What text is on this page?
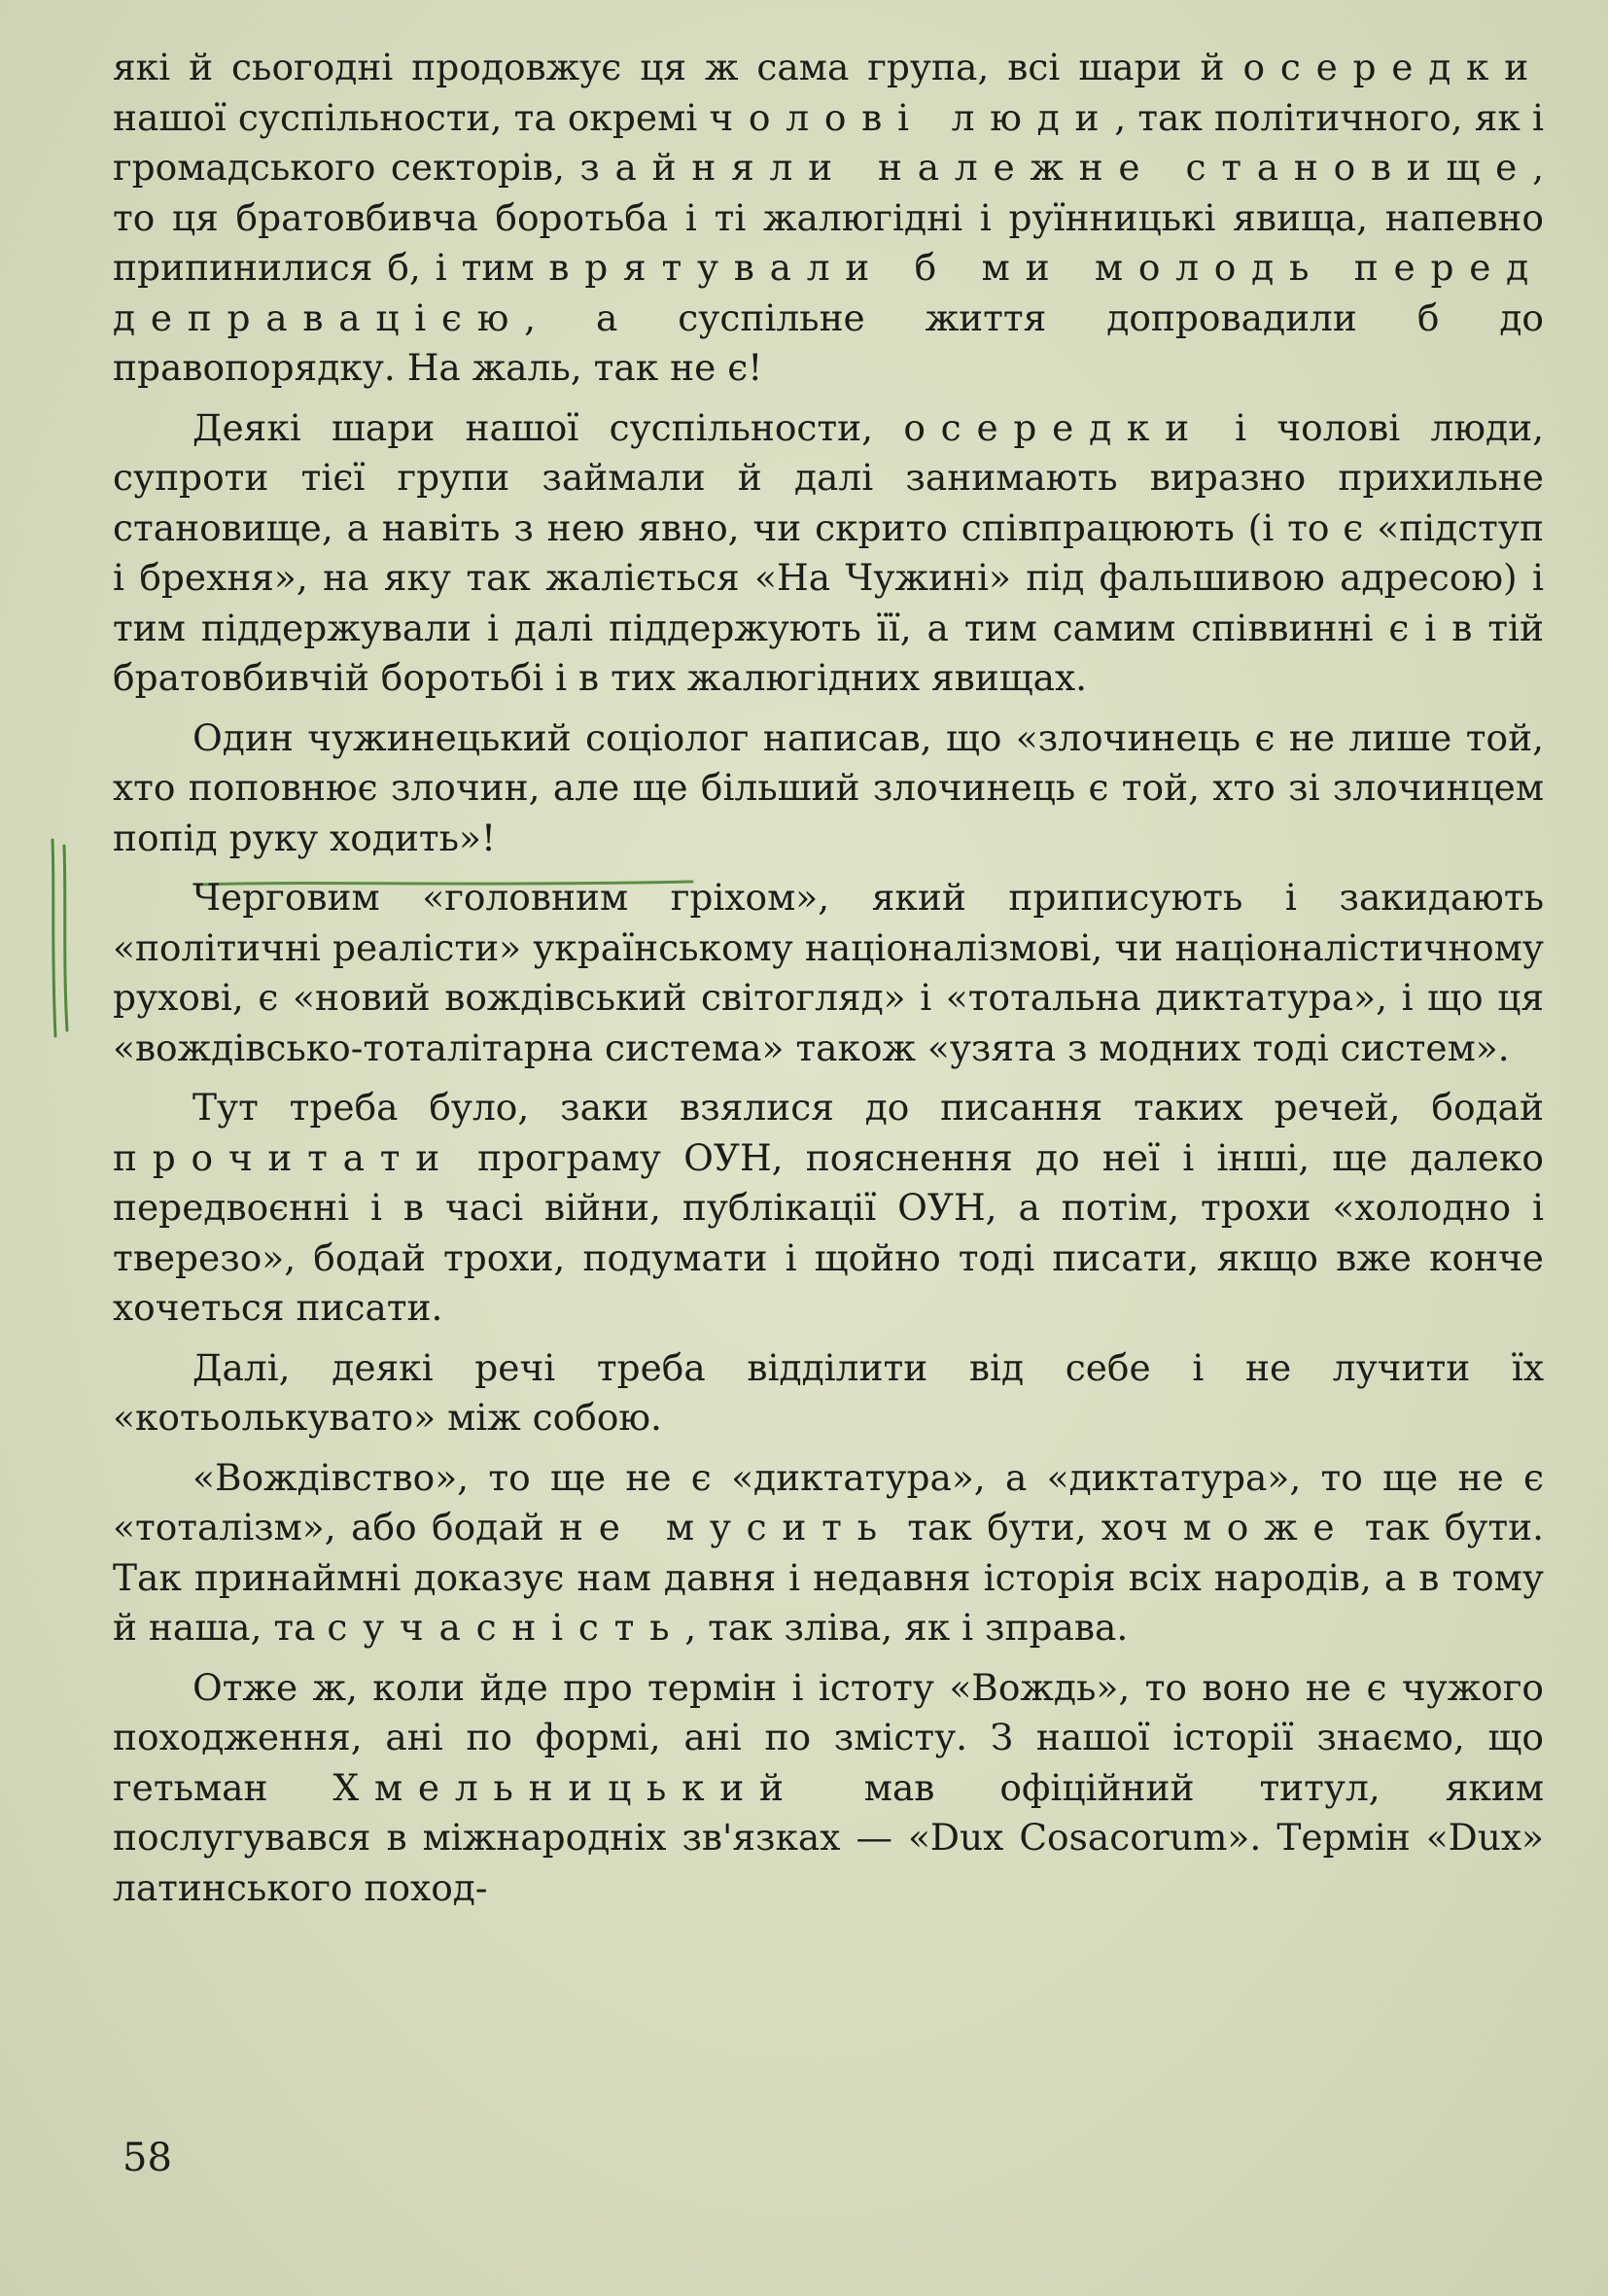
які й сьогодні продовжує ця ж сама група, всі шари й осередки нашої суспільности, та окремі чолові люди, так політичного, як і громадського секторів, зайняли належне становище, то ця братовбивча боротьба і ті жалюгідні і руїнницькі явища, напевно припинилися б, і тим врятували б ми молодь перед деправацією, а суспільне життя допровадили б до правопорядку. На жаль, так не є!

Деякі шари нашої суспільности, осередки і чолові люди, супроти тієї групи займали й далі занимають виразно прихильне становище, а навіть з нею явно, чи скрито співпрацюють (і то є «підступ і брехня», на яку так жаліється «На Чужині» під фальшивою адресою) і тим піддержували і далі піддержують її, а тим самим співвинні є і в тій братовбивчій боротьбі і в тих жалюгідних явищах.

Один чужинецький соціолог написав, що «злочинець є не лише той, хто поповнює злочин, але ще більший злочинець є той, хто зі злочинцем попід руку ходить»!

Черговим «головним гріхом», який приписують і закидають «політичні реалісти» українському націоналізмові, чи націоналістичному рухові, є «новий вождівський світогляд» і «тотальна диктатура», і що ця «вождівсько-тоталітарна система» також «узята з модних тоді систем».

Тут треба було, заки взялися до писання таких речей, бодай прочитати програму ОУН, пояснення до неї і інші, ще далеко передвоєнні і в часі війни, публікації ОУН, а потім, трохи «холодно і тверезо», бодай трохи, подумати і щойно тоді писати, якщо вже конче хочеться писати.

Далі, деякі речі треба відділити від себе і не лучити їх «котьолькувато» між собою.

«Вождівство», то ще не є «диктатура», а «диктатура», то ще не є «тоталізм», або бодай не мусить так бути, хоч може так бути. Так принаймні доказує нам давня і недавня історія всіх народів, а в тому й наша, та сучасність, так зліва, як і зправа.

Отже ж, коли йде про термін і істоту «Вождь», то воно не є чужого походження, ані по формі, ані по змісту. З нашої історії знаємо, що гетьман Хмельницький мав офіційний титул, яким послугувався в міжнародніх зв'язках — «Dux Cosacorum». Термін «Dux» латинського поход-

58
